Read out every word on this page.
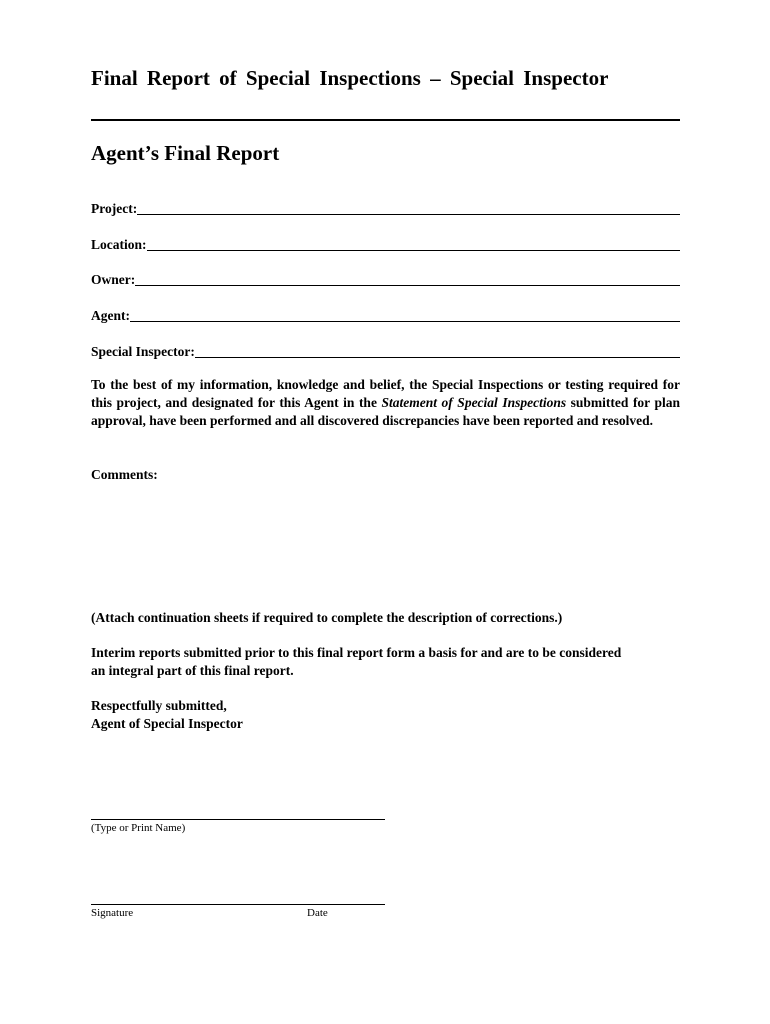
Final Report of Special Inspections – Special Inspector
Agent’s Final Report
Project:
Location:
Owner:
Agent:
Special Inspector:
To the best of my information, knowledge and belief, the Special Inspections or testing required for this project, and designated for this Agent in the Statement of Special Inspections submitted for plan approval, have been performed and all discovered discrepancies have been reported and resolved.
Comments:
(Attach continuation sheets if required to complete the description of corrections.)
Interim reports submitted prior to this final report form a basis for and are to be considered an integral part of this final report.
Respectfully submitted,
Agent of Special Inspector
(Type or Print Name)
Signature	Date
